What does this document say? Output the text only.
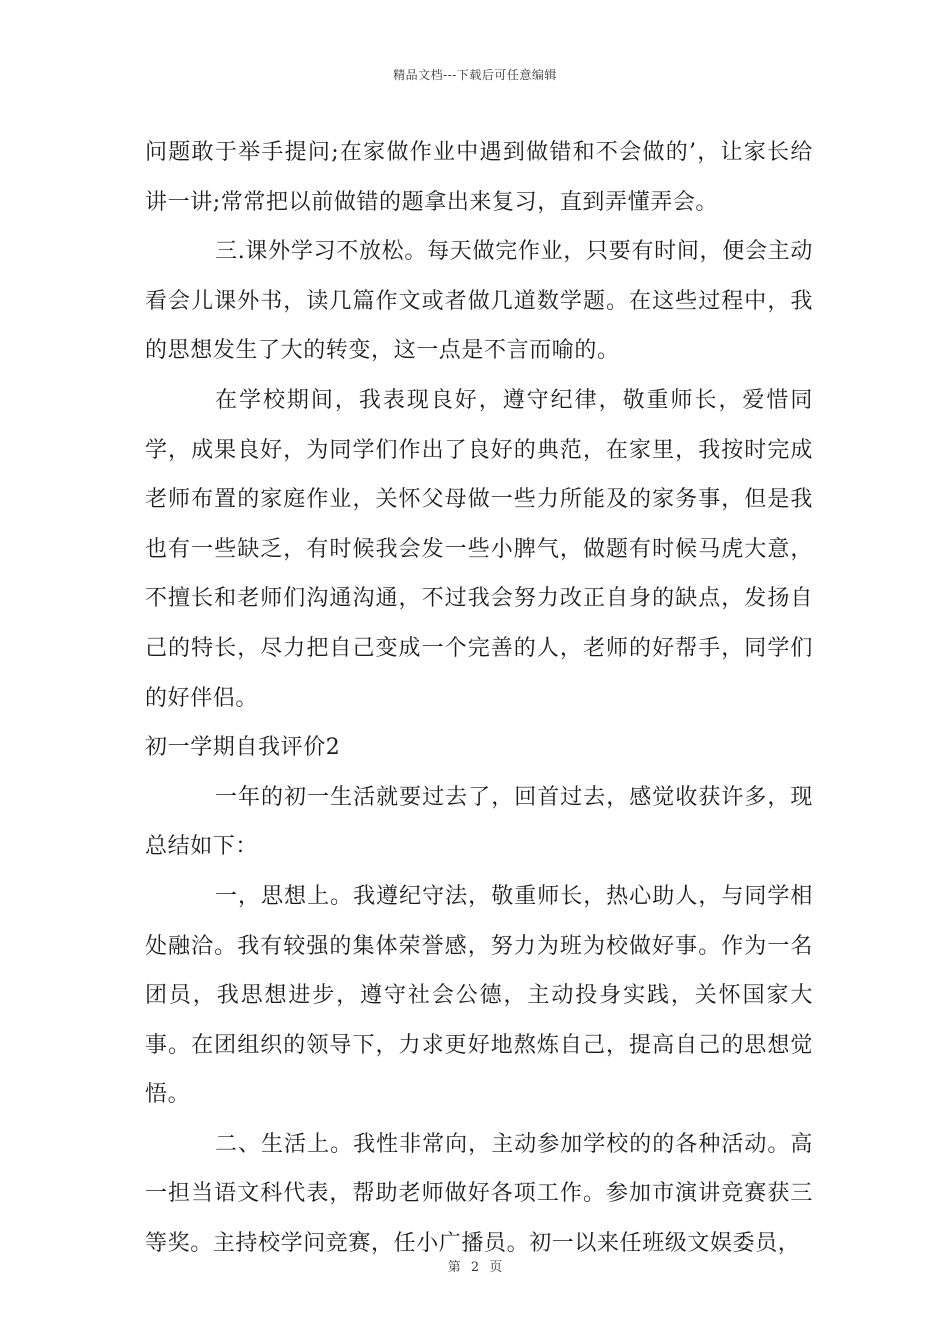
精品文档---下载后可任意编辑

问题敢于举手提问;在家做作业中遇到做错和不会做的’，让家长给讲一讲;常常把以前做错的题拿出来复习，直到弄懂弄会。

三.课外学习不放松。每天做完作业，只要有时间，便会主动看会儿课外书，读几篇作文或者做几道数学题。在这些过程中，我的思想发生了大的转变，这一点是不言而喻的。

在学校期间，我表现良好，遵守纪律，敬重师长，爱惜同学，成果良好，为同学们作出了良好的典范，在家里，我按时完成老师布置的家庭作业，关怀父母做一些力所能及的家务事，但是我也有一些缺乏，有时候我会发一些小脾气，做题有时候马虎大意，不擅长和老师们沟通沟通，不过我会努力改正自身的缺点，发扬自己的特长，尽力把自己变成一个完善的人，老师的好帮手，同学们的好伴侣。

初一学期自我评价2

一年的初一生活就要过去了，回首过去，感觉收获许多，现总结如下：

一，思想上。我遵纪守法，敬重师长，热心助人，与同学相处融洽。我有较强的集体荣誉感，努力为班为校做好事。作为一名团员，我思想进步，遵守社会公德，主动投身实践，关怀国家大事。在团组织的领导下，力求更好地熬炼自己，提高自己的思想觉悟。

二、生活上。我性非常向，主动参加学校的的各种活动。高一担当语文科代表，帮助老师做好各项工作。参加市演讲竞赛获三等奖。主持校学问竞赛，任小广播员。初一以来任班级文娱委员，

第 2 页
